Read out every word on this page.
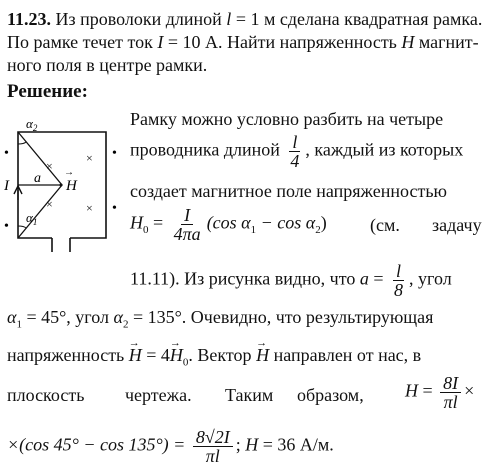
11.23. Из проволоки длиной l = 1 м сделана квадратная рамка.
По рамке течет ток I = 10 А. Найти напряженность H магнит-
ного поля в центре рамки.
Решение:
$\alpha_2$
$\alpha_1$
a
I	H
→
×
×
×
×
•
•
•
•
Рамку можно условно разбить на четыре
проводника длиной $\frac{l}{4}$ , каждый из которых
создает магнитное поле напряженностью
$H_0 = \frac{I}{4\pi a} (\cos$ $\alpha_1 - \cos \alpha_2$) (см. задачу
11.11). Из рисунка видно, что $a = \frac{l}{8}$ , угол
$\alpha_1 = 45^\circ$, угол $\alpha_2 = 135^\circ$. Очевидно, что результирующая
напряженность → $H = 4\to H_0$. Вектор → H направлен от нас, в
плоскость чертежа. Таким образом, $H = \frac{8I}{\pi l}$ ×
×(cos $45^\circ - \cos 135^\circ) = \frac{8√2I}{\pi l}$ ; H = 36 А/м.
